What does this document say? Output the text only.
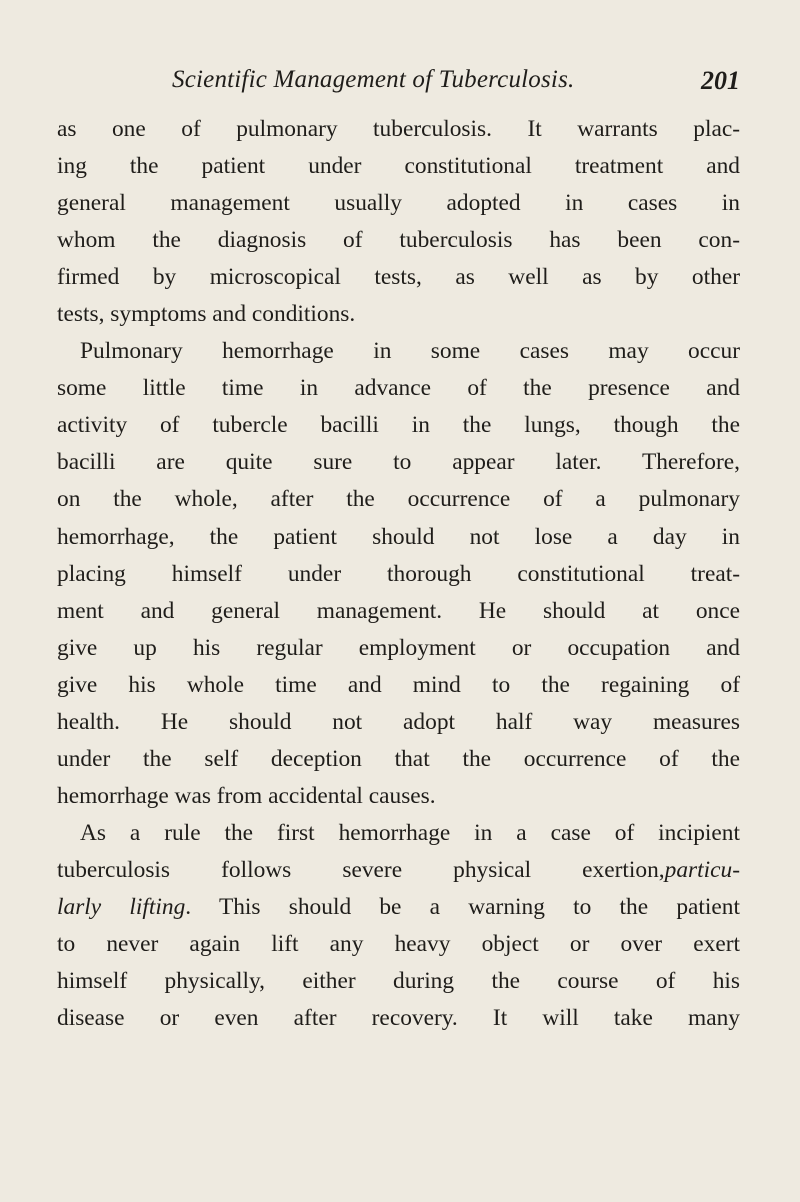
Scientific Management of Tuberculosis.	201
as one of pulmonary tuberculosis. It warrants plac-
ing the patient under constitutional treatment and
general management usually adopted in cases in
whom the diagnosis of tuberculosis has been con-
firmed by microscopical tests, as well as by other
tests, symptoms and conditions.
Pulmonary hemorrhage in some cases may occur
some little time in advance of the presence and
activity of tubercle bacilli in the lungs, though the
bacilli are quite sure to appear later. Therefore,
on the whole, after the occurrence of a pulmonary
hemorrhage, the patient should not lose a day in
placing himself under thorough constitutional treat-
ment and general management. He should at once
give up his regular employment or occupation and
give his whole time and mind to the regaining of
health. He should not adopt half way measures
under the self deception that the occurrence of the
hemorrhage was from accidental causes.
As a rule the first hemorrhage in a case of incipient
tuberculosis follows severe physical exertion,particu-
larly lifting. This should be a warning to the patient
to never again lift any heavy object or over exert
himself physically, either during the course of his
disease or even after recovery. It will take many
